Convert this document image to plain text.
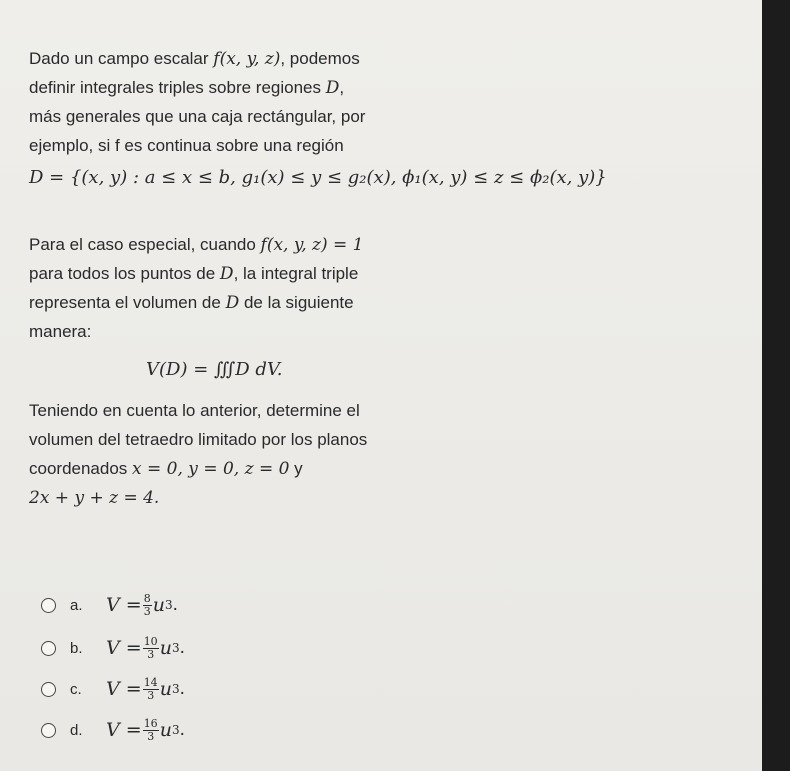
Dado un campo escalar f(x, y, z), podemos
definir integrales triples sobre regiones D,
más generales que una caja rectángular, por
ejemplo, si f es continua sobre una región
D = {(x, y) : a ≤ x ≤ b, g₁(x) ≤ y ≤ g₂(x), ϕ₁(x, y) ≤ z ≤ ϕ₂(x, y)}
Para el caso especial, cuando f(x, y, z) = 1
para todos los puntos de D, la integral triple
representa el volumen de D de la siguiente
manera:
V(D) = ∭D dV.
Teniendo en cuenta lo anterior, determine el
volumen del tetraedro limitado por los planos
coordenados x = 0, y = 0, z = 0 y
2x + y + z = 4.
a.	$V = \frac{8}{3}$ u 3 .
b.	$V = \frac{10}{3}$ u 3 .
c.	$V = \frac{14}{3}$ u 3 .
d.	$V = \frac{16}{3}$ u 3 .
